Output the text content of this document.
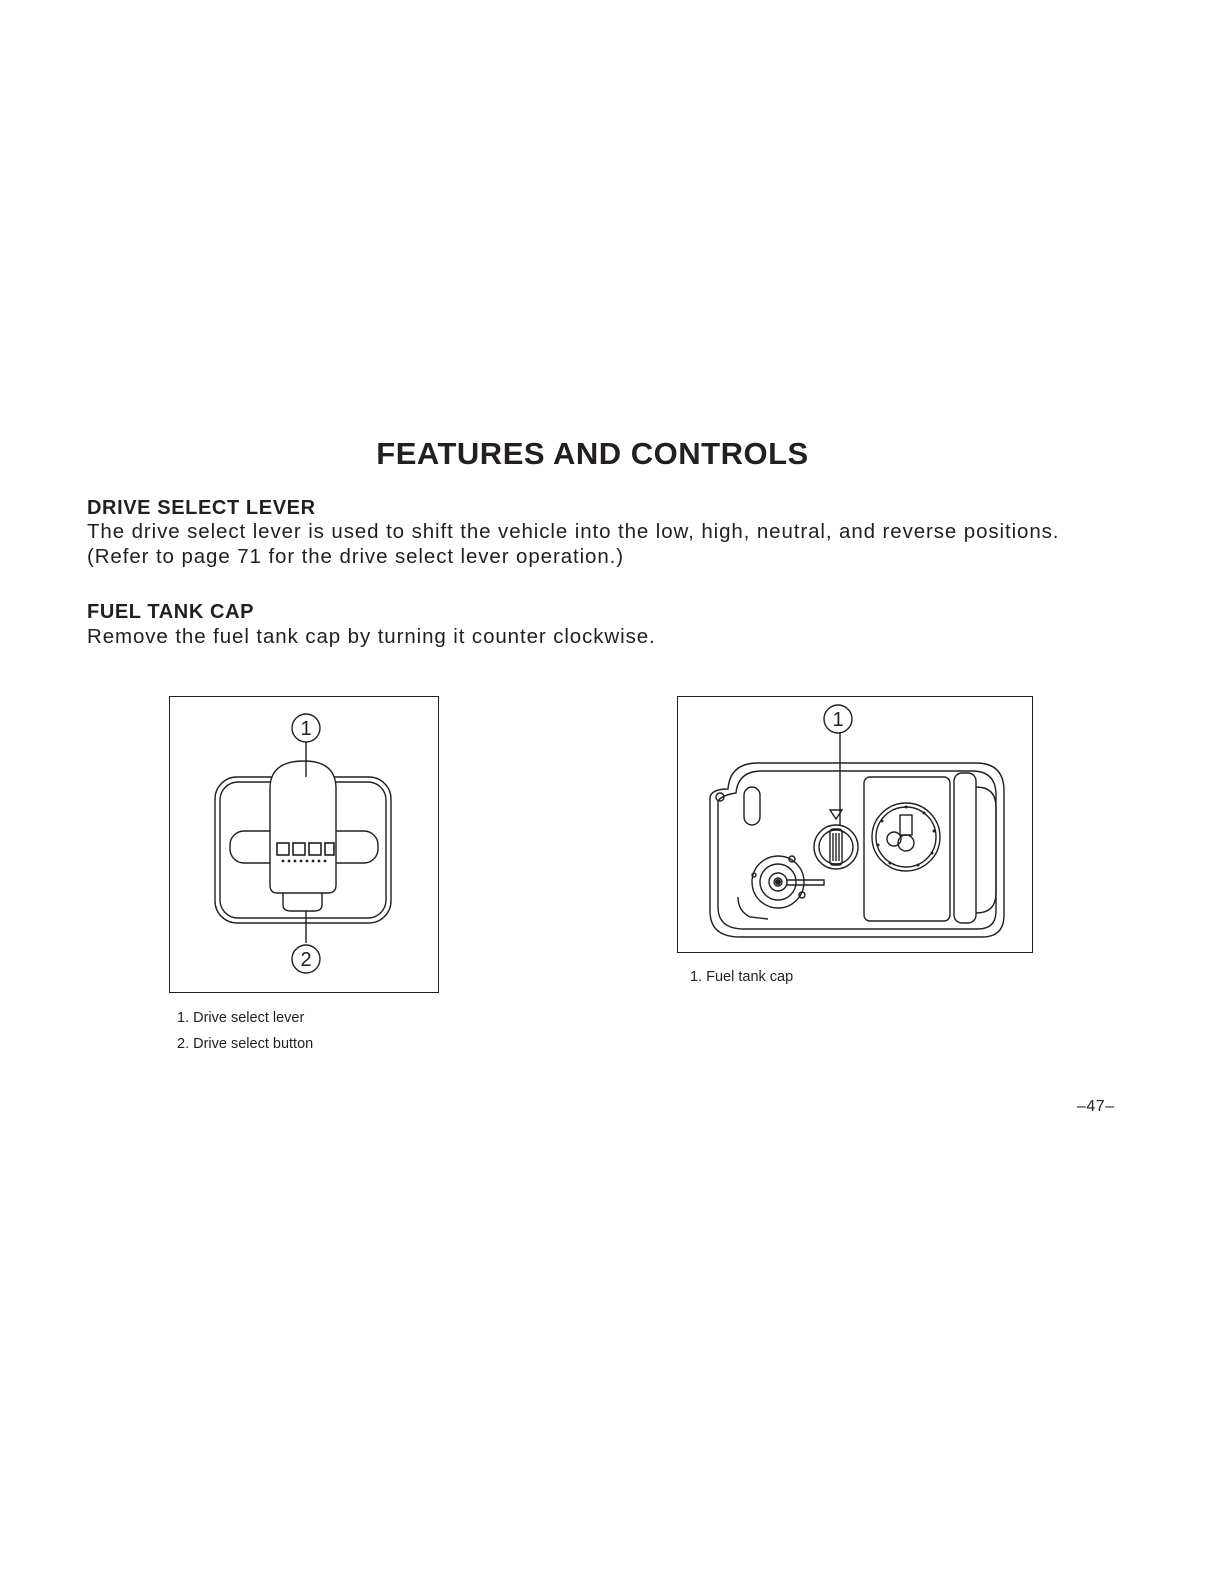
FEATURES AND CONTROLS
DRIVE SELECT LEVER
The drive select lever is used to shift the vehicle into the low, high, neutral, and reverse positions.
(Refer to page 71 for the drive select lever operation.)
FUEL TANK CAP
Remove the fuel tank cap by turning it counter clockwise.
1
2
1. Drive select lever
2. Drive select button
1
1. Fuel tank cap
–47–
